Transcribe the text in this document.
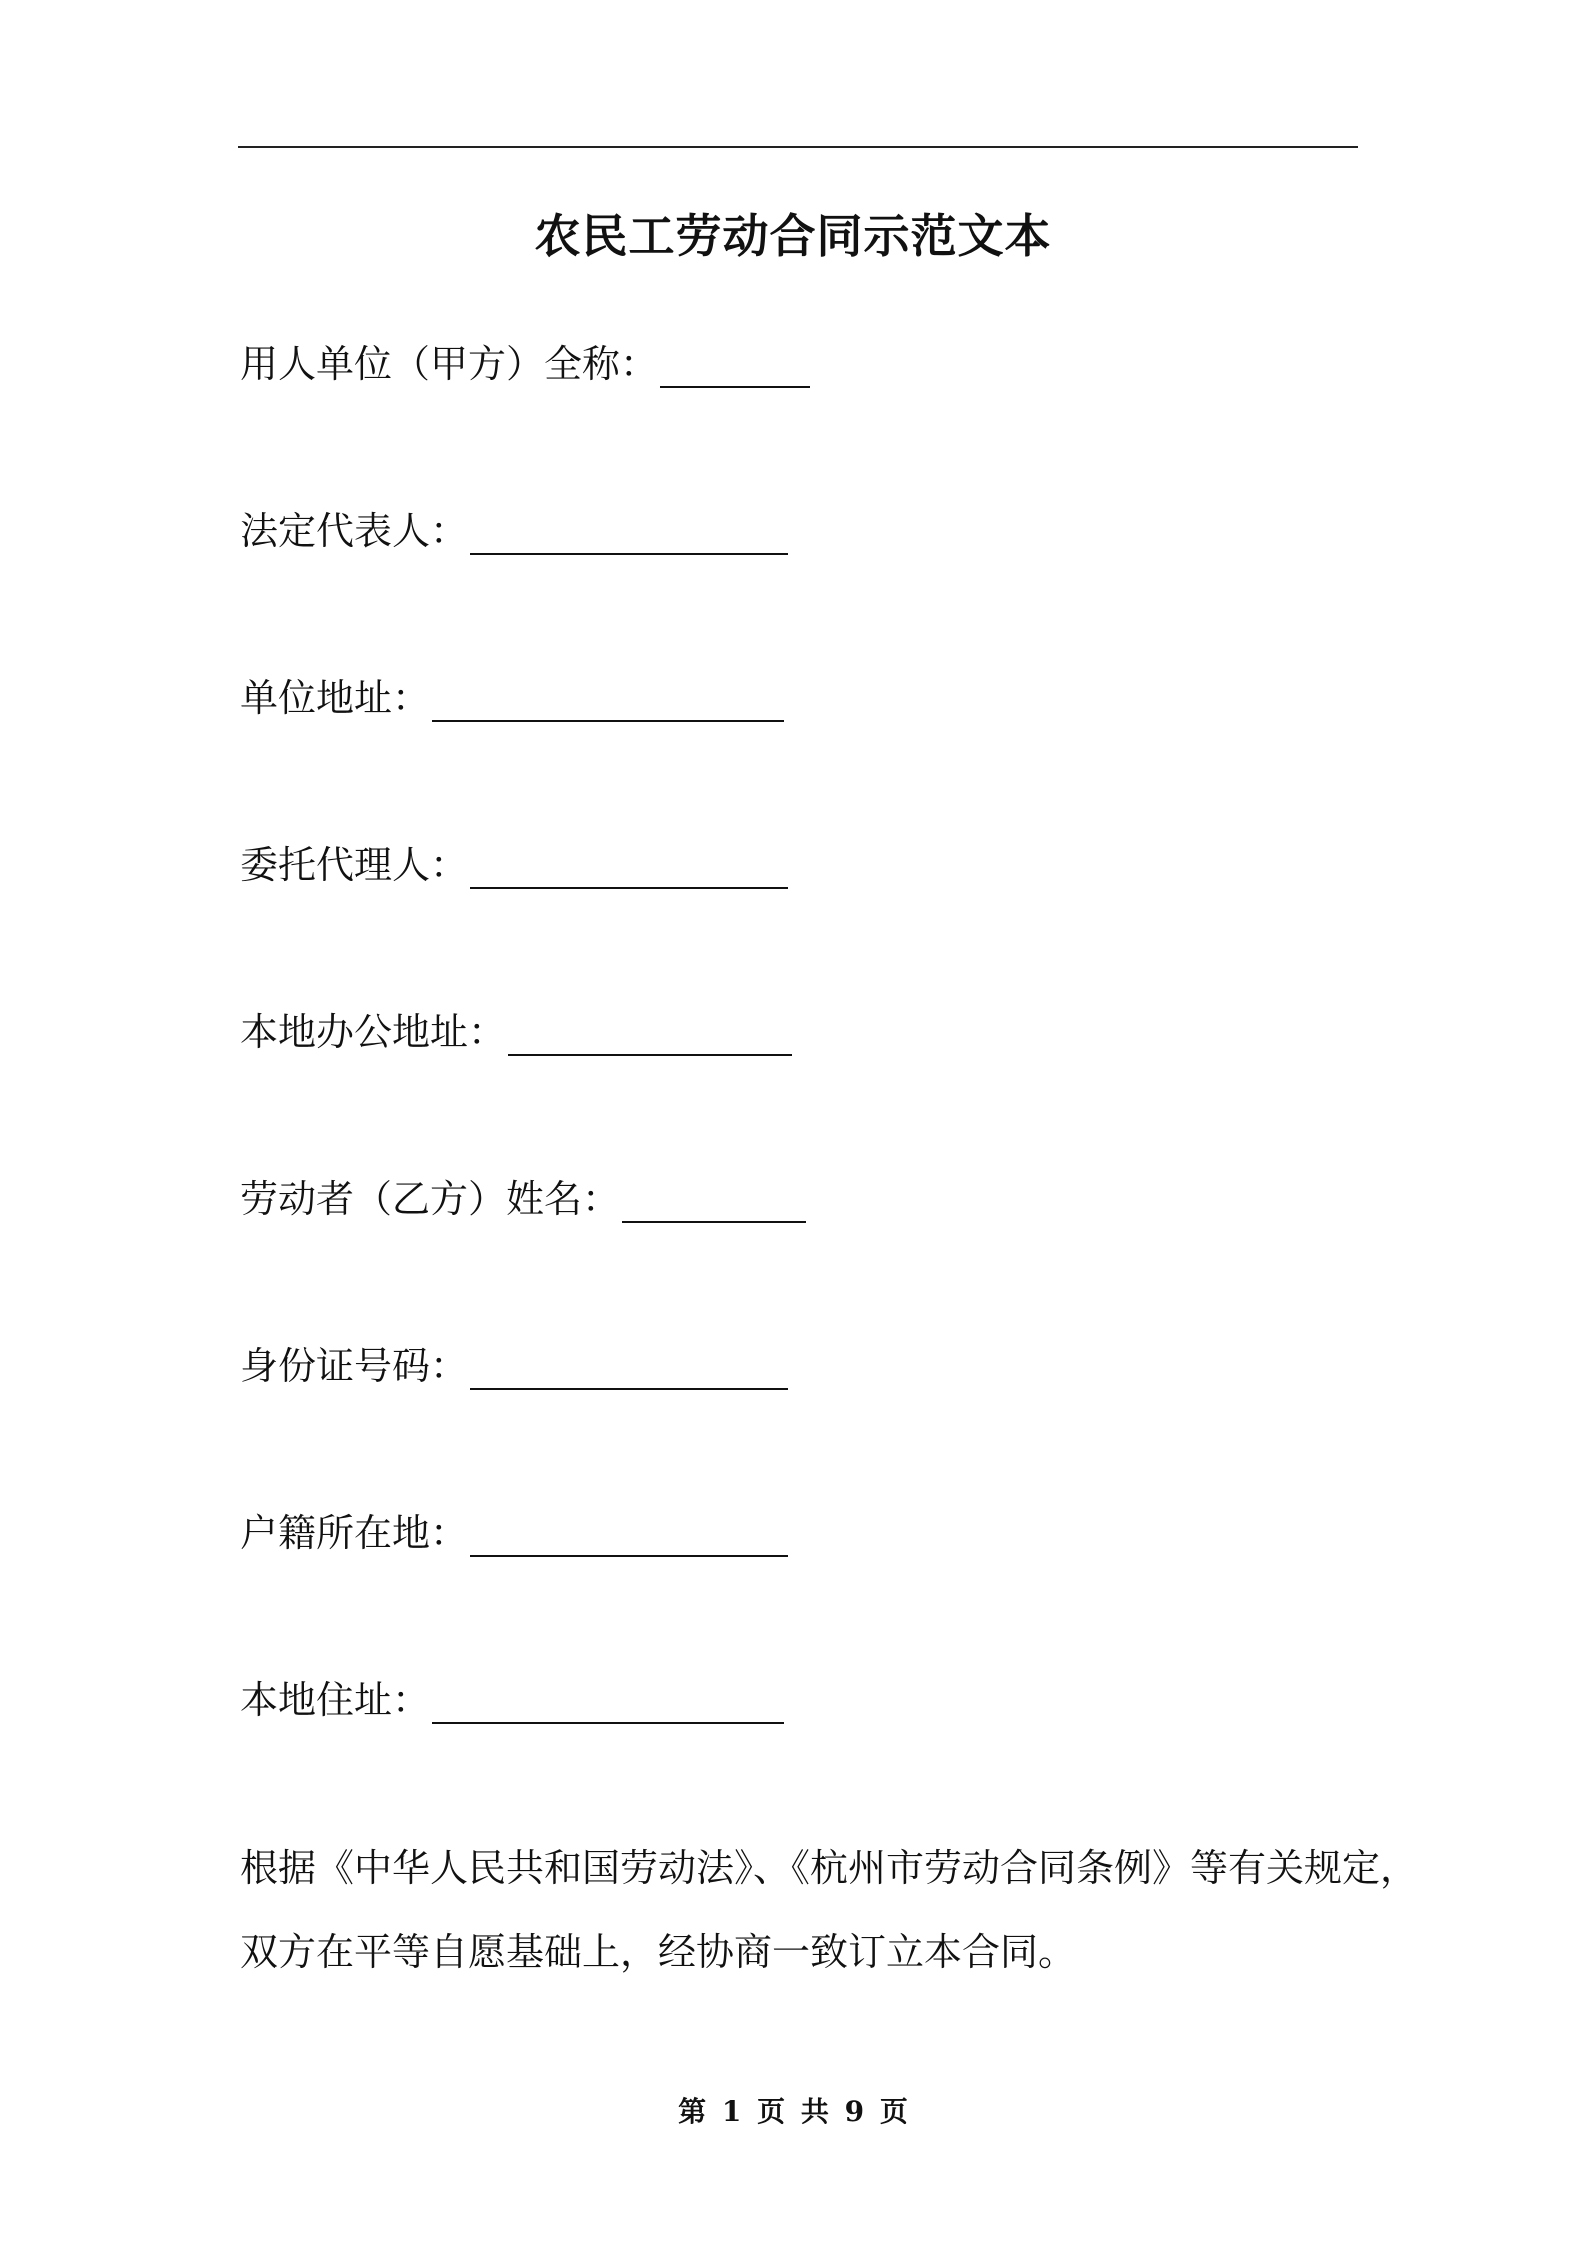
农民工劳动合同示范文本
用人单位（甲方）全称：
法定代表人：
单位地址：
委托代理人：
本地办公地址：
劳动者（乙方）姓名：
身份证号码：
户籍所在地：
本地住址：

根据《中华人民共和国劳动法》、《杭州市劳动合同条例》等有关规定，

双方在平等自愿基础上，经协商一致订立本合同。

第 1 页 共 9 页
